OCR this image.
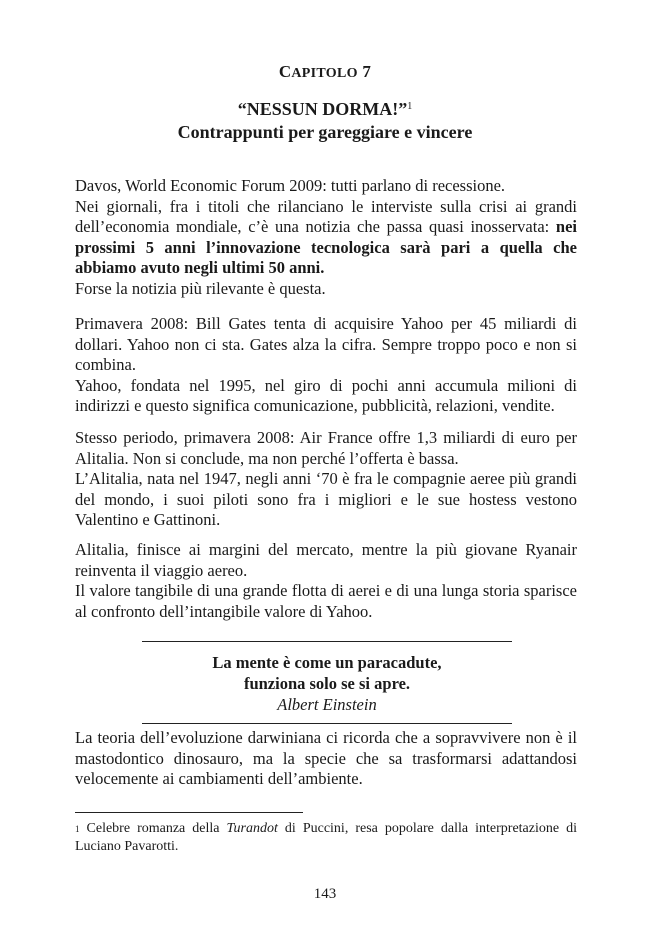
CAPITOLO 7
“NESSUN DORMA!”$^1$
Contrappunti per gareggiare e vincere

Davos, World Economic Forum 2009: tutti parlano di recessione.

Nei giornali, fra i titoli che rilanciano le interviste sulla crisi ai grandi dell’economia mondiale, c’è una notizia che passa quasi inosservata: nei prossimi 5 anni l’innovazione tecnologica sarà pari a quella che abbiamo avuto negli ultimi 50 anni.

Forse la notizia più rilevante è questa.

Primavera 2008: Bill Gates tenta di acquisire Yahoo per 45 miliardi di dollari. Yahoo non ci sta. Gates alza la cifra. Sempre troppo poco e non si combina.

Yahoo, fondata nel 1995, nel giro di pochi anni accumula milioni di indirizzi e questo significa comunicazione, pubblicità, relazioni, vendite.

Stesso periodo, primavera 2008: Air France offre 1,3 miliardi di euro per Alitalia. Non si conclude, ma non perché l’offerta è bassa.

L’Alitalia, nata nel 1947, negli anni ‘70 è fra le compagnie aeree più grandi del mondo, i suoi piloti sono fra i migliori e le sue hostess vestono Valentino e Gattinoni.

Alitalia, finisce ai margini del mercato, mentre la più giovane Ryanair reinventa il viaggio aereo.

Il valore tangibile di una grande flotta di aerei e di una lunga storia sparisce al confronto dell’intangibile valore di Yahoo.

La mente è come un paracadute,
funziona solo se si apre.
Albert Einstein

La teoria dell’evoluzione darwiniana ci ricorda che a sopravvivere non è il mastodontico dinosauro, ma la specie che sa trasformarsi adattandosi velocemente ai cambiamenti dell’ambiente.

$^1$ Celebre romanza della Turandot di Puccini, resa popolare dalla interpretazione di Luciano Pavarotti.
143
